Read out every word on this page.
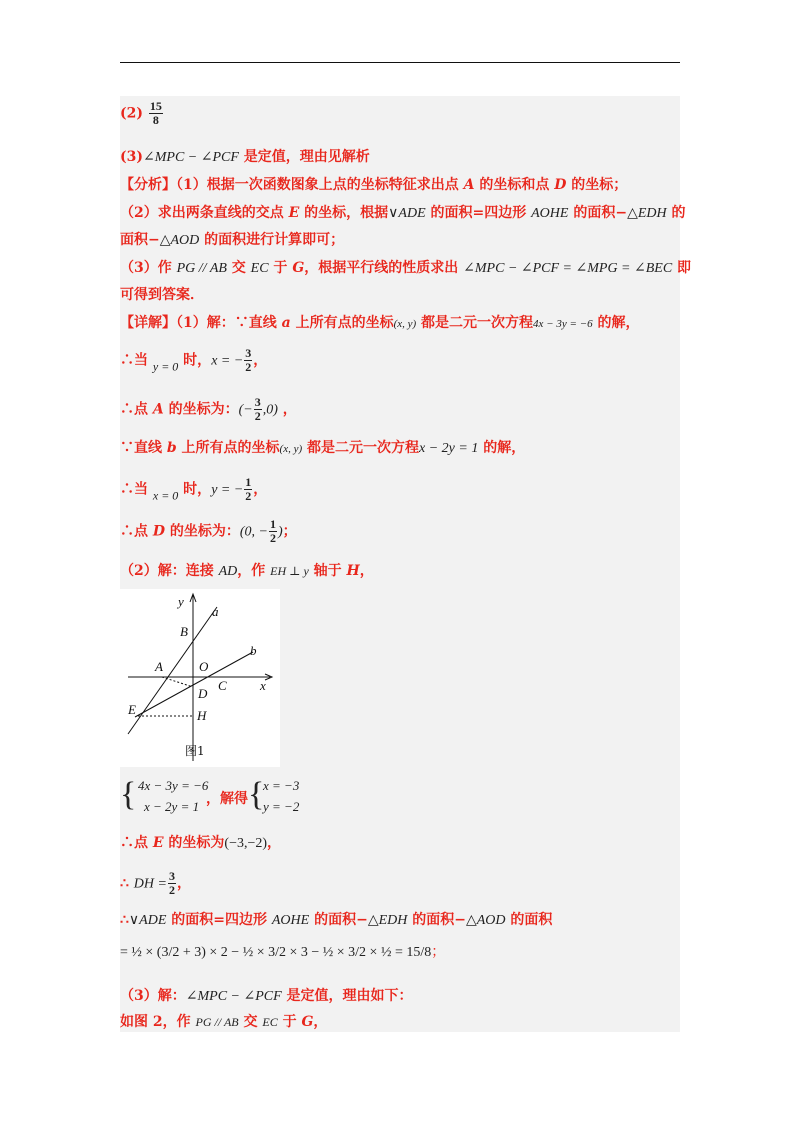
$(2) \frac{15}{8}$
(3)∠MPC − ∠PCF 是定值，理由见解析
【分析】（1）根据一次函数图象上点的坐标特征求出点 A 的坐标和点 D 的坐标；
（2）求出两条直线的交点 E 的坐标，根据∨ADE 的面积=四边形 AOHE 的面积−△EDH 的
面积−△AOD 的面积进行计算即可；
（3）作 PG // AB 交 EC 于 G，根据平行线的性质求出 ∠MPC − ∠PCF = ∠MPG = ∠BEC 即
可得到答案．
【详解】（1）解：∵直线 a 上所有点的坐标(x, y) 都是二元一次方程4x − 3y = −6 的解，
∴当 y = 0 时，x = − $\frac{3}{2}$ ，
∴点 A 的坐标为：(− $\frac{3}{2} ,0$) ，
∵直线 b 上所有点的坐标(x, y) 都是二元一次方程x − 2y = 1 的解，
∴当 x = 0 时，y = − $\frac{1}{2}$ ，
∴点 D 的坐标为：(0, − $\frac{1}{2}$ )；
（2）解：连接 AD，作 EH ⊥ y 轴于 H，
y
a
B
b
A	O
D
C	x
E	H
图1
{ 4x − 3y = −6
x − 2y = 1 ，解得 {
x = −3
y = −2
∴点 E 的坐标为(−3,−2)，
∴ DH = $\frac{3}{2}$ ，
∴∨ADE 的面积=四边形 AOHE 的面积−△EDH 的面积−△AOD 的面积
= ½ × (3/2 + 3) × 2 − ½ × 3/2 × 3 − ½ × 3/2 × ½ = 15/8；
（3）解：∠MPC − ∠PCF 是定值，理由如下：
如图 2，作 PG // AB 交 EC 于 G，
